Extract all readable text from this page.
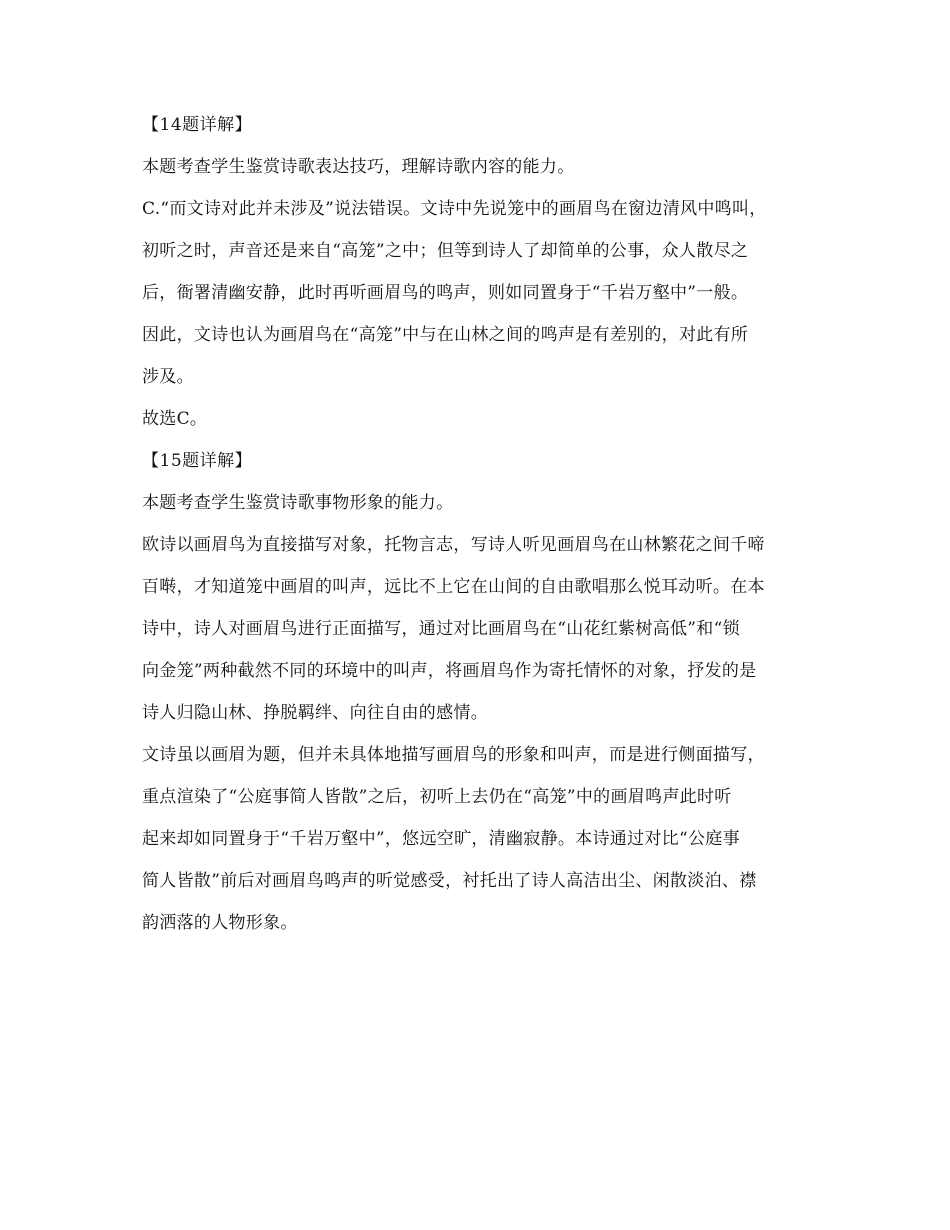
【14题详解】
本题考查学生鉴赏诗歌表达技巧，理解诗歌内容的能力。
C.“而文诗对此并未涉及”说法错误。文诗中先说笼中的画眉鸟在窗边清风中鸣叫，
初听之时，声音还是来自“高笼”之中；但等到诗人了却简单的公事，众人散尽之
后，衙署清幽安静，此时再听画眉鸟的鸣声，则如同置身于“千岩万壑中”一般。
因此，文诗也认为画眉鸟在“高笼”中与在山林之间的鸣声是有差别的，对此有所
涉及。
故选C。
【15题详解】
本题考查学生鉴赏诗歌事物形象的能力。
欧诗以画眉鸟为直接描写对象，托物言志，写诗人听见画眉鸟在山林繁花之间千啼
百啭，才知道笼中画眉的叫声，远比不上它在山间的自由歌唱那么悦耳动听。在本
诗中，诗人对画眉鸟进行正面描写，通过对比画眉鸟在“山花红紫树高低”和“锁
向金笼”两种截然不同的环境中的叫声，将画眉鸟作为寄托情怀的对象，抒发的是
诗人归隐山林、挣脱羁绊、向往自由的感情。
文诗虽以画眉为题，但并未具体地描写画眉鸟的形象和叫声，而是进行侧面描写，
重点渲染了“公庭事简人皆散”之后，初听上去仍在“高笼”中的画眉鸣声此时听
起来却如同置身于“千岩万壑中”，悠远空旷，清幽寂静。本诗通过对比“公庭事
简人皆散”前后对画眉鸟鸣声的听觉感受，衬托出了诗人高洁出尘、闲散淡泊、襟
韵洒落的人物形象。
